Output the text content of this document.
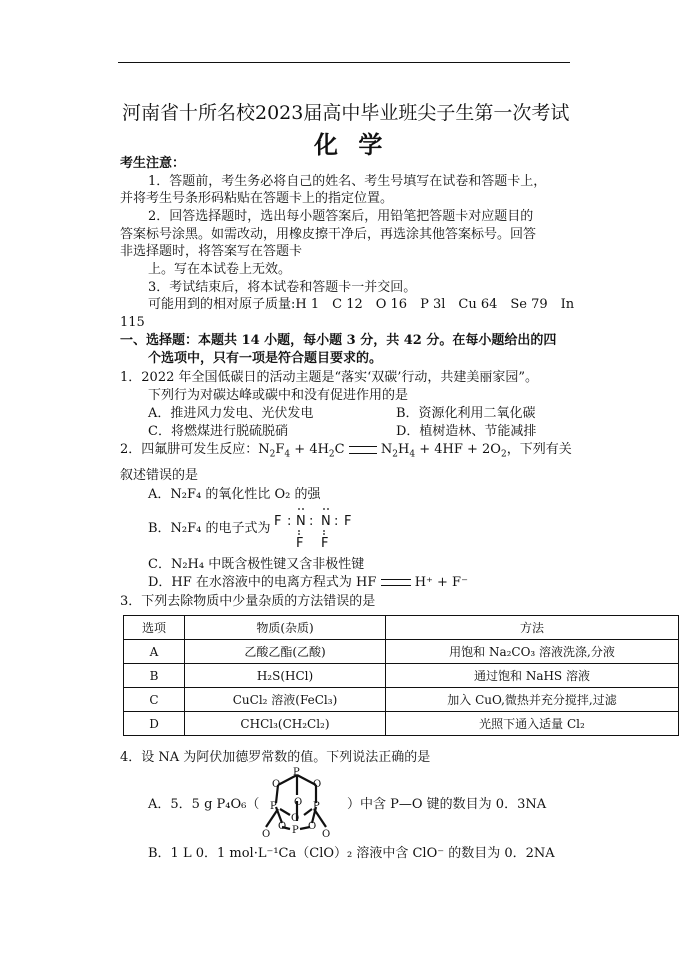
河南省十所名校2023届高中毕业班尖子生第一次考试
化 学
考生注意：
1．答题前，考生务必将自己的姓名、考生号填写在试卷和答题卡上，
并将考生号条形码粘贴在答题卡上的指定位置。
2．回答选择题时，选出每小题答案后，用铅笔把答题卡对应题目的
答案标号涂黑。如需改动，用橡皮擦干净后，再选涂其他答案标号。回答
非选择题时，将答案写在答题卡
上。写在本试卷上无效。
3．考试结束后，将本试卷和答题卡一并交回。
可能用到的相对原子质量:H 1　C 12　O 16　P 3l　Cu 64　Se 79　In
115
一、选择题：本题共 14 小题，每小题 3 分，共 42 分。在每小题给出的四
个选项中，只有一项是符合题目要求的。
1．2022 年全国低碳日的活动主题是“落实‘双碳’行动，共建美丽家园”。
下列行为对碳达峰或碳中和没有促进作用的是
A．推进风力发电、光伏发电	B．资源化利用二氧化碳
C．将燃煤进行脱硫脱硝	D．植树造林、节能减排
2．四氟肼可发生反应：$N_2F_4 + 4H_2C$  $N_2H_4 + 4HF + 2O_2$，下列有关
叙述错误的是
A．N₂F₄ 的氧化性比 O₂ 的强
B．N₂F₄ 的电子式为 F : N : N : F
F F
C．N₂H₄ 中既含极性键又含非极性键
D．HF 在水溶液中的电离方程式为 HF	H⁺ + F⁻
3．下列去除物质中少量杂质的方法错误的是
选项	物质(杂质)	方法
A	乙酸乙酯(乙酸)	用饱和 Na₂CO₃ 溶液洗涤,分液
B	H₂S(HCl)	通过饱和 NaHS 溶液
C	CuCl₂ 溶液(FeCl₃)	加入 CuO,微热并充分搅拌,过滤
D	CHCl₃(CH₂Cl₂)	光照下通入适量 Cl₂
4．设 NA 为阿伏加德罗常数的值。下列说法正确的是
A．5．5 g P₄O₆（
P
O	O
P	P
O
O
O P O
O	O
）中含 P—O 键的数目为 0．3NA
B．1 L 0．1 mol·L⁻¹Ca（ClO）₂ 溶液中含 ClO⁻ 的数目为 0．2NA
